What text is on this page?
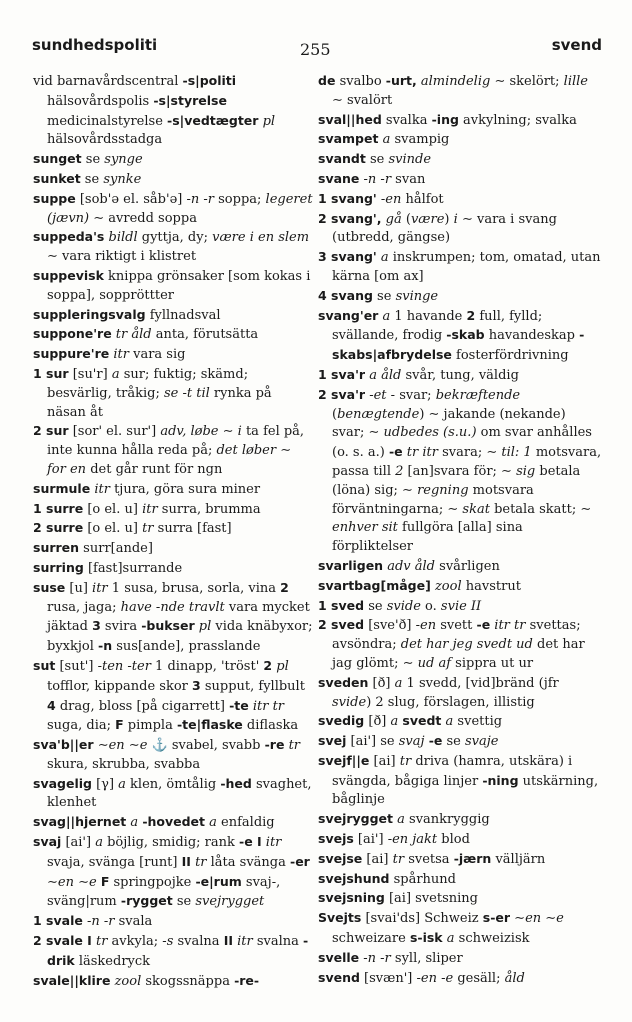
sundhedspoliti	255	svend

vid barnavårdscentral -s|politi hälsovårdspolis -s|styrelse medicinalstyrelse -s|vedtægter pl hälsovårdsstadga

sunget se synge

sunket se synke

suppe [sob'ə el. såb'ə] -n -r soppa; legeret (jævn) ∼ avredd soppa

suppeda's bildl gyttja, dy; være i en slem ∼ vara riktigt i klistret

suppevisk knippa grönsaker [som kokas i soppa], soppröttter

suppleringsvalg fyllnadsval

suppone're tr åld anta, förutsätta

suppure're itr vara sig

1 sur [su'r] a sur; fuktig; skämd; besvärlig, tråkig; se -t til rynka på näsan åt

2 sur [sor' el. sur'] adv, løbe ∼ i ta fel på, inte kunna hålla reda på; det løber ∼ for en det går runt för ngn

surmule itr tjura, göra sura miner

1 surre [o el. u] itr surra, brumma

2 surre [o el. u] tr surra [fast]

surren surr[ande]

surring [fast]surrande

suse [u] itr 1 susa, brusa, sorla, vina 2 rusa, jaga; have -nde travlt vara mycket jäktad 3 svira -bukser pl vida knäbyxor; byxkjol -n sus[ande], prasslande

sut [sut'] -ten -ter 1 dinapp, 'tröst' 2 pl tofflor, kippande skor 3 supput, fyllbult 4 drag, bloss [på cigarrett] -te itr tr suga, dia; F pimpla -te|flaske diflaska

sva'b||er ∼en ∼e ⚓ svabel, svabb -re tr skura, skrubba, svabba

svagelig [γ] a klen, ömtålig -hed svaghet, klenhet

svag||hjernet a -hovedet a enfaldig

svaj [ai'] a böjlig, smidig; rank -e I itr svaja, svänga [runt] II tr låta svänga -er ∼en ∼e F springpojke -e|rum svaj-, sväng|rum -rygget se svejrygget

1 svale -n -r svala

2 svale I tr avkyla; -s svalna II itr svalna -drik läskedryck

svale||klire zool skogssnäppa -re-

de svalbo -urt, almindelig ∼ skelört; lille ∼ svalört

sval||hed svalka -ing avkylning; svalka

svampet a svampig

svandt se svinde

svane -n -r svan

1 svang' -en hålfot

2 svang', gå (være) i ∼ vara i svang (utbredd, gängse)

3 svang' a inskrumpen; tom, omatad, utan kärna [om ax]

4 svang se svinge

svang'er a 1 havande 2 full, fylld; svällande, frodig -skab havandeskap -skabs|afbrydelse fosterfördrivning

1 sva'r a åld svår, tung, väldig

2 sva'r -et - svar; bekræftende (benægtende) ∼ jakande (nekande) svar; ∼ udbedes (s.u.) om svar anhålles (o. s. a.) -e tr itr svara; ∼ til: 1 motsvara, passa till 2 [an]svara för; ∼ sig betala (löna) sig; ∼ regning motsvara förväntningarna; ∼ skat betala skatt; ∼ enhver sit fullgöra [alla] sina förpliktelser

svarligen adv åld svårligen

svartbag[måge] zool havstrut

1 sved se svide o. svie II

2 sved [sve'ð] -en svett -e itr tr svettas; avsöndra; det har jeg svedt ud det har jag glömt; ∼ ud af sippra ut ur

sveden [ð] a 1 svedd, [vid]bränd (jfr svide) 2 slug, förslagen, illistig

svedig [ð] a svedt a svettig

svej [ai'] se svaj -e se svaje

svejf||e [ai] tr driva (hamra, utskära) i svängda, bågiga linjer -ning utskärning, båglinje

svejrygget a svankryggig

svejs [ai'] -en jakt blod

svejse [ai] tr svetsa -jærn vällјärn

svejshund spårhund

svejsning [ai] svetsning

Svejts [svai'ds] Schweiz s-er ∼en ∼e schweizare s-isk a schweizisk

svelle -n -r syll, sliper

svend [svæn'] -en -e gesäll; åld
